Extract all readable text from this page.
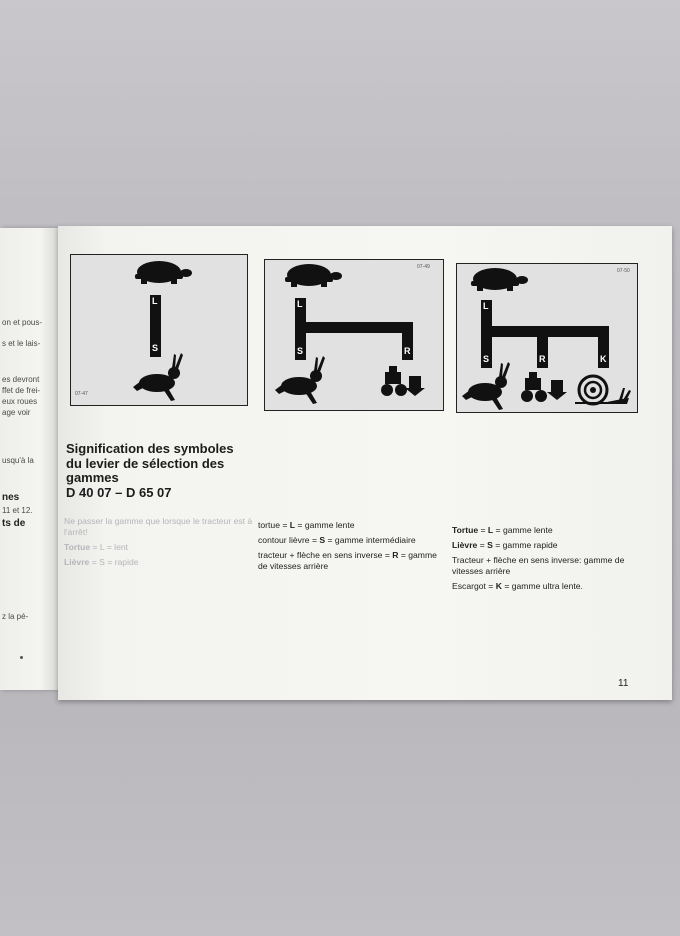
on et pous-
s et le lais-
es devront
ffet de frei-
eux roues
age voir
usqu'à la
nes
11 et 12.
ts de
z la pé-
L
S
07-47
L
S	R
07-49
L
S	R	K
07-50
Signification des symboles
du levier de sélection des
gammes
D 40 07 – D 65 07

Ne passer la gamme que lorsque le tracteur est à l'arrêt!

Tortue = L = lent

Lièvre = S = rapide

tortue = L = gamme lente

contour lièvre = S = gamme intermédiaire

tracteur + flèche en sens inverse = R = gamme de vitesses arrière

Tortue = L = gamme lente

Lièvre = S = gamme rapide

Tracteur + flèche en sens inverse: gamme de vitesses arrière

Escargot = K = gamme ultra lente.

11
